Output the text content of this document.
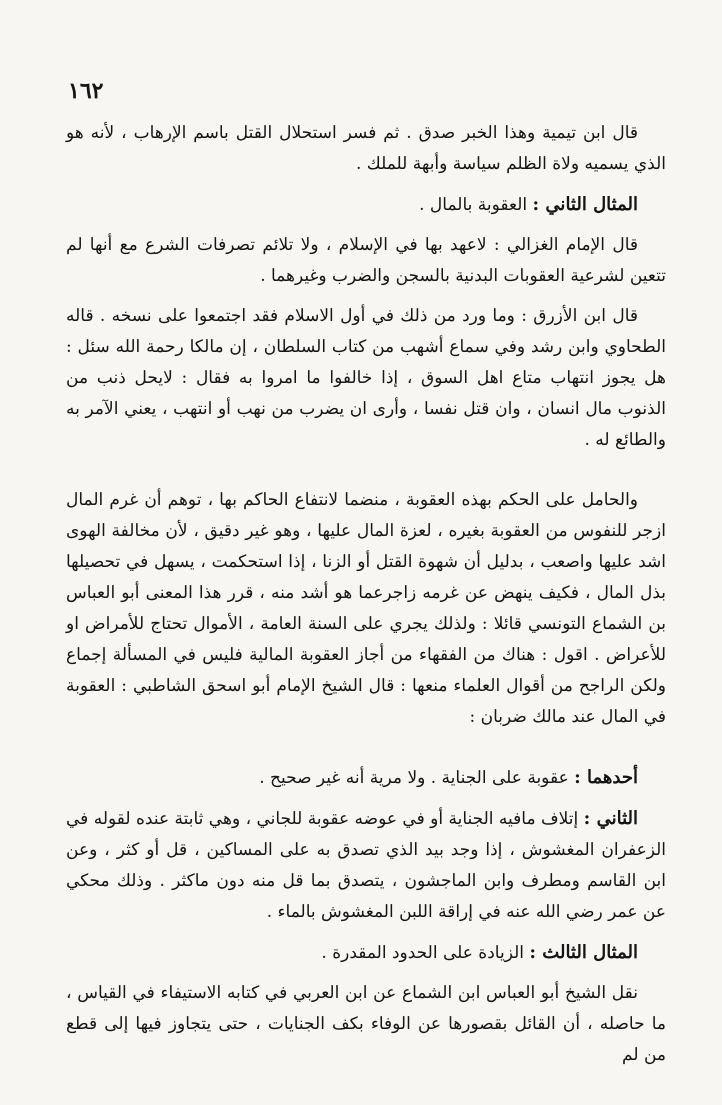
١٦٢

قال ابن تيمية وهذا الخبر صدق . ثم فسر استحلال القتل باسم الإرهاب ، لأنه هو الذي يسميه ولاة الظلم سياسة وأبهة للملك .

المثال الثاني : العقوبة بالمال .

قال الإمام الغزالي : لاعهد بها في الإسلام ، ولا تلائم تصرفات الشرع مع أنها لم تتعين لشرعية العقوبات البدنية بالسجن والضرب وغيرهما .

قال ابن الأزرق : وما ورد من ذلك في أول الاسلام فقد اجتمعوا على نسخه . قاله الطحاوي وابن رشد وفي سماع أشهب من كتاب السلطان ، إن مالكا رحمة الله سئل : هل يجوز انتهاب متاع اهل السوق ، إذا خالفوا ما امروا به فقال : لايحل ذنب من الذنوب مال انسان ، وان قتل نفسا ، وأرى ان يضرب من نهب أو انتهب ، يعني الآمر به والطائع له .

والحامل على الحكم بهذه العقوبة ، منضما لانتفاع الحاكم بها ، توهم أن غرم المال ازجر للنفوس من العقوبة بغيره ، لعزة المال عليها ، وهو غير دقيق ، لأن مخالفة الهوى اشد عليها واصعب ، بدليل أن شهوة القتل أو الزنا ، إذا استحكمت ، يسهل في تحصيلها بذل المال ، فكيف ينهض عن غرمه زاجرعما هو أشد منه ، قرر هذا المعنى أبو العباس بن الشماع التونسي قائلا : ولذلك يجري على السنة العامة ، الأموال تحتاج للأمراض او للأعراض . اقول : هناك من الفقهاء من أجاز العقوبة المالية فليس في المسألة إجماع ولكن الراجح من أقوال العلماء منعها : قال الشيخ الإمام أبو اسحق الشاطبي : العقوبة في المال عند مالك ضربان :

أحدهما : عقوبة على الجناية . ولا مرية أنه غير صحيح .

الثاني : إتلاف مافيه الجناية أو في عوضه عقوبة للجاني ، وهي ثابتة عنده لقوله في الزعفران المغشوش ، إذا وجد بيد الذي تصدق به على المساكين ، قل أو كثر ، وعن ابن القاسم ومطرف وابن الماجشون ، يتصدق بما قل منه دون ماكثر . وذلك محكي عن عمر رضي الله عنه في إراقة اللبن المغشوش بالماء .

المثال الثالث : الزيادة على الحدود المقدرة .

نقل الشيخ أبو العباس ابن الشماع عن ابن العربي في كتابه الاستيفاء في القياس ، ما حاصله ، أن القائل بقصورها عن الوفاء بكف الجنايات ، حتى يتجاوز فيها إلى قطع من لم
